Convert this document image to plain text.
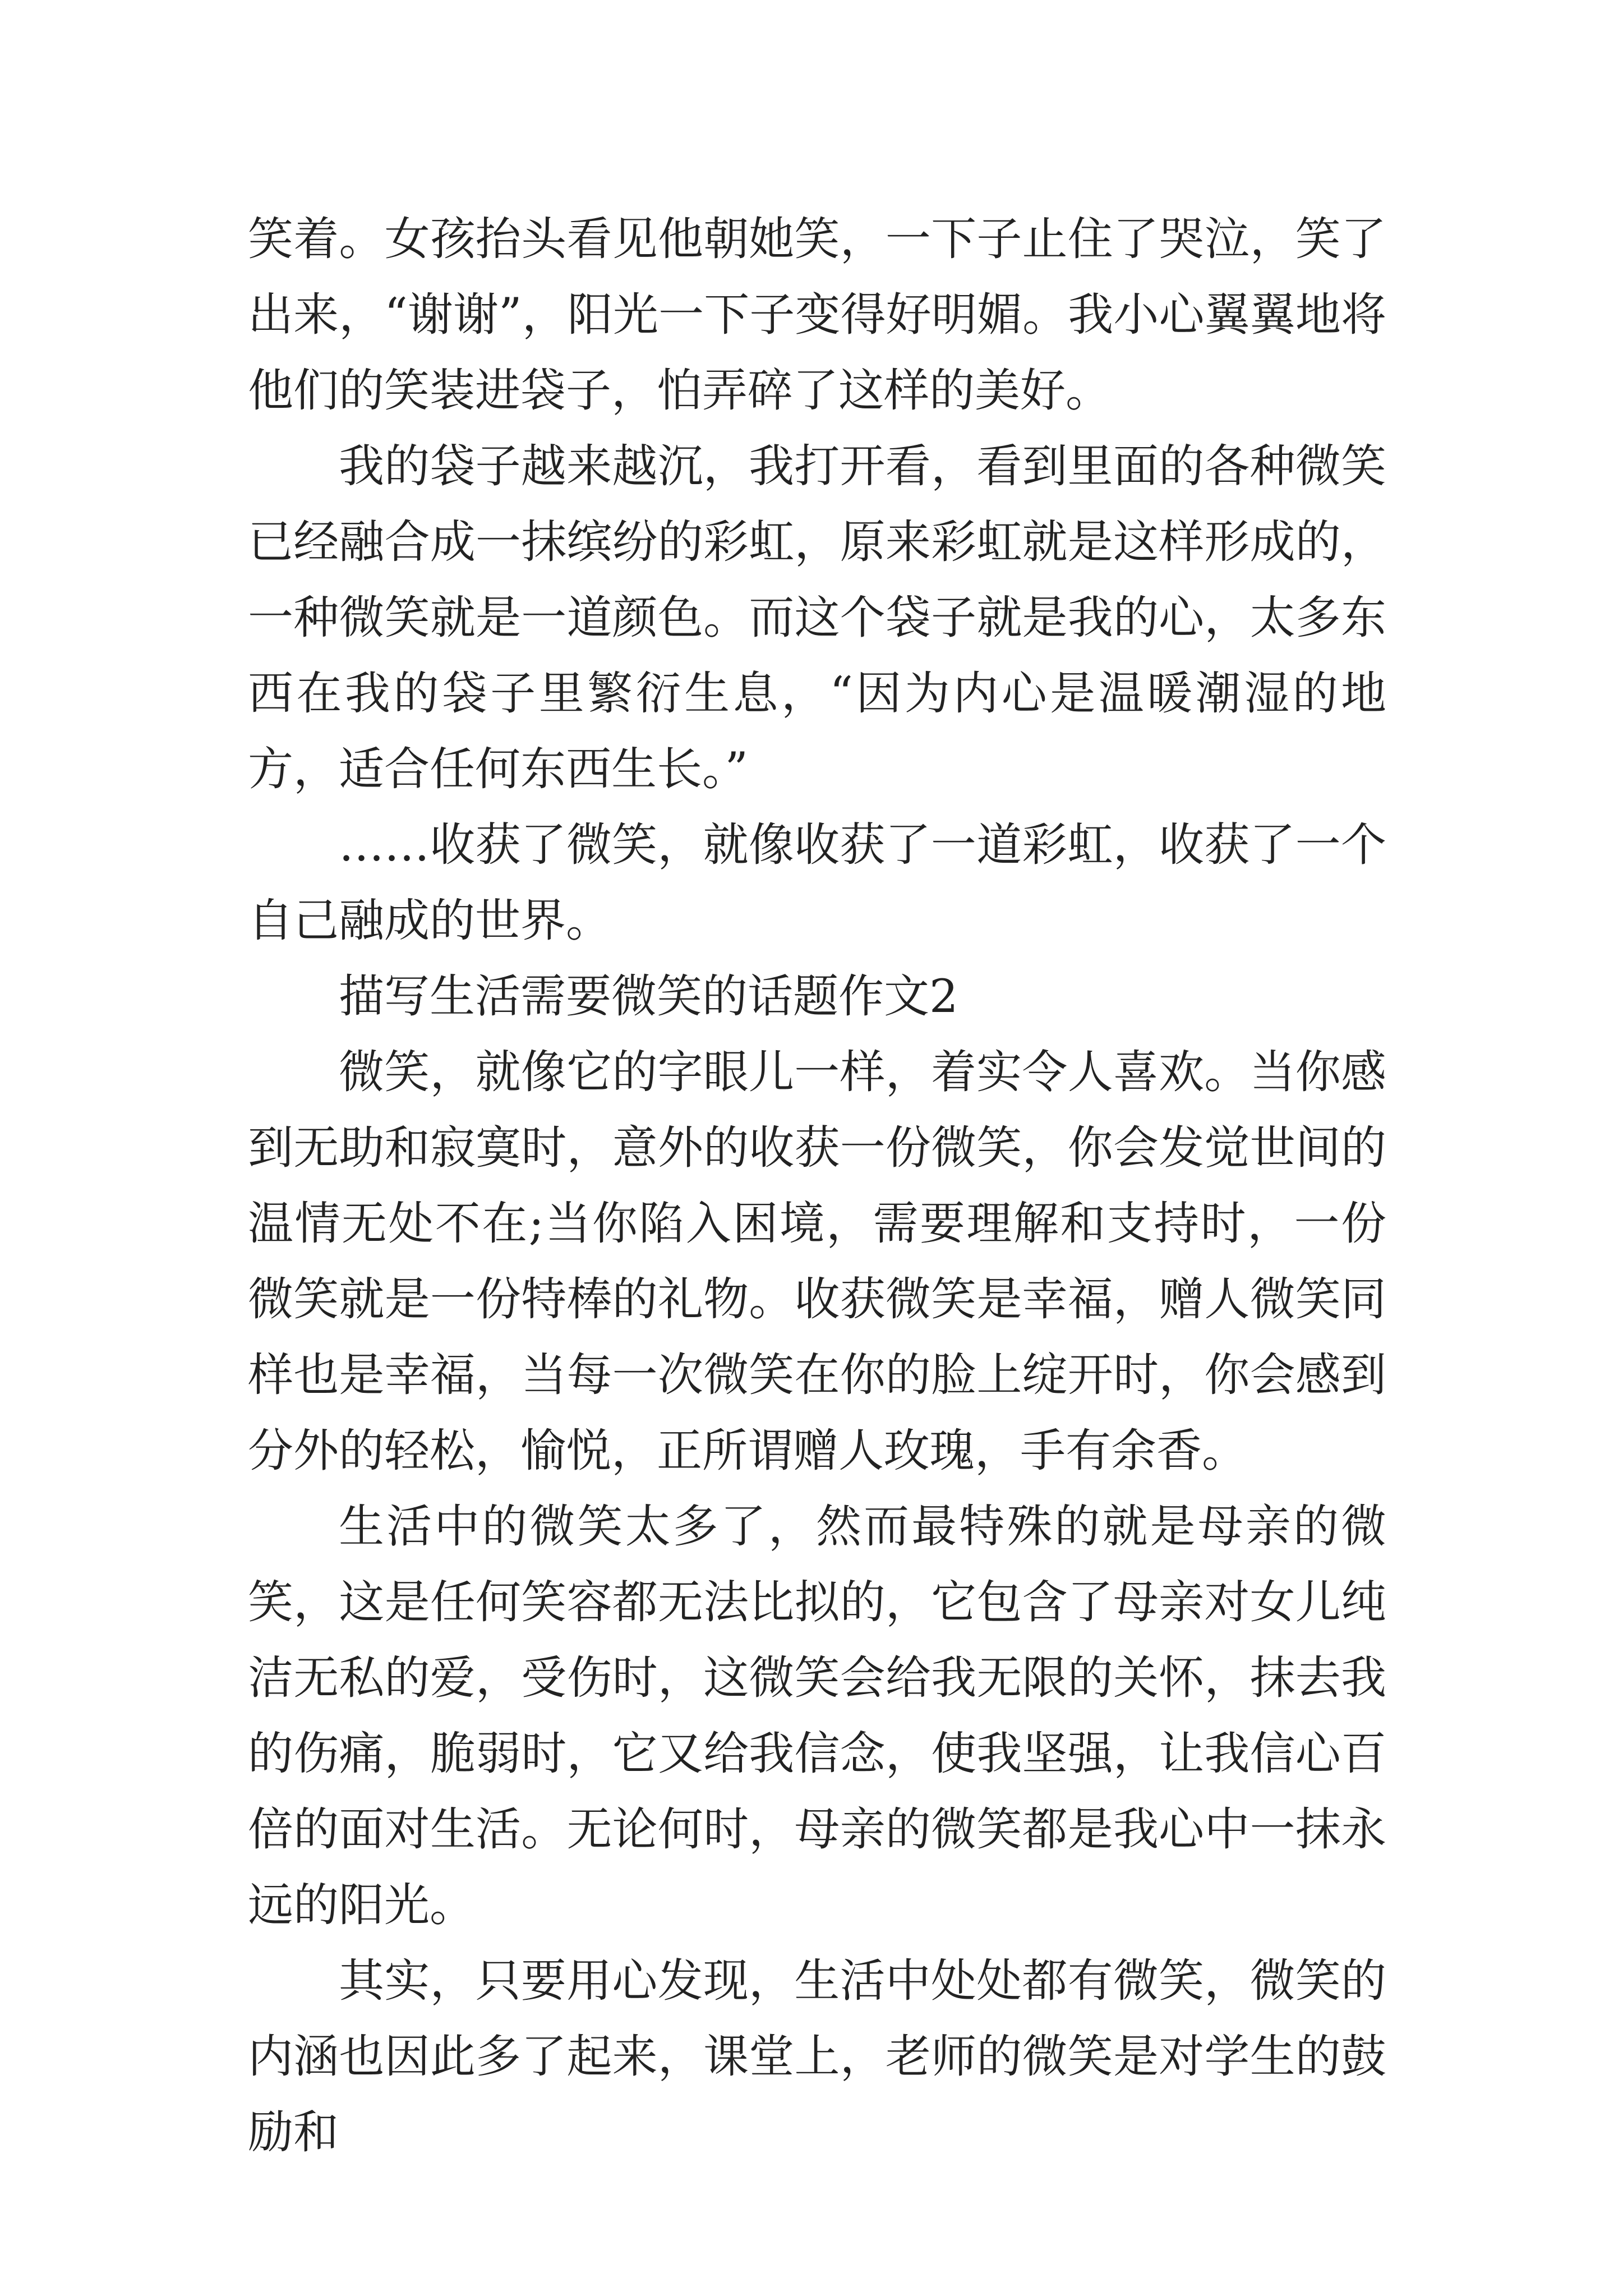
笑着。女孩抬头看见他朝她笑，一下子止住了哭泣，笑了出来，“谢谢”，阳光一下子变得好明媚。我小心翼翼地将他们的笑装进袋子，怕弄碎了这样的美好。

我的袋子越来越沉，我打开看，看到里面的各种微笑已经融合成一抹缤纷的彩虹，原来彩虹就是这样形成的，一种微笑就是一道颜色。而这个袋子就是我的心，太多东西在我的袋子里繁衍生息，“因为内心是温暖潮湿的地方，适合任何东西生长。”

……收获了微笑，就像收获了一道彩虹，收获了一个自己融成的世界。

描写生活需要微笑的话题作文2

微笑，就像它的字眼儿一样，着实令人喜欢。当你感到无助和寂寞时，意外的收获一份微笑，你会发觉世间的温情无处不在;当你陷入困境，需要理解和支持时，一份微笑就是一份特棒的礼物。收获微笑是幸福，赠人微笑同样也是幸福，当每一次微笑在你的脸上绽开时，你会感到分外的轻松，愉悦，正所谓赠人玫瑰，手有余香。

生活中的微笑太多了，然而最特殊的就是母亲的微笑，这是任何笑容都无法比拟的，它包含了母亲对女儿纯洁无私的爱，受伤时，这微笑会给我无限的关怀，抹去我的伤痛，脆弱时，它又给我信念，使我坚强，让我信心百倍的面对生活。无论何时，母亲的微笑都是我心中一抹永远的阳光。

其实，只要用心发现，生活中处处都有微笑，微笑的内涵也因此多了起来，课堂上，老师的微笑是对学生的鼓励和
